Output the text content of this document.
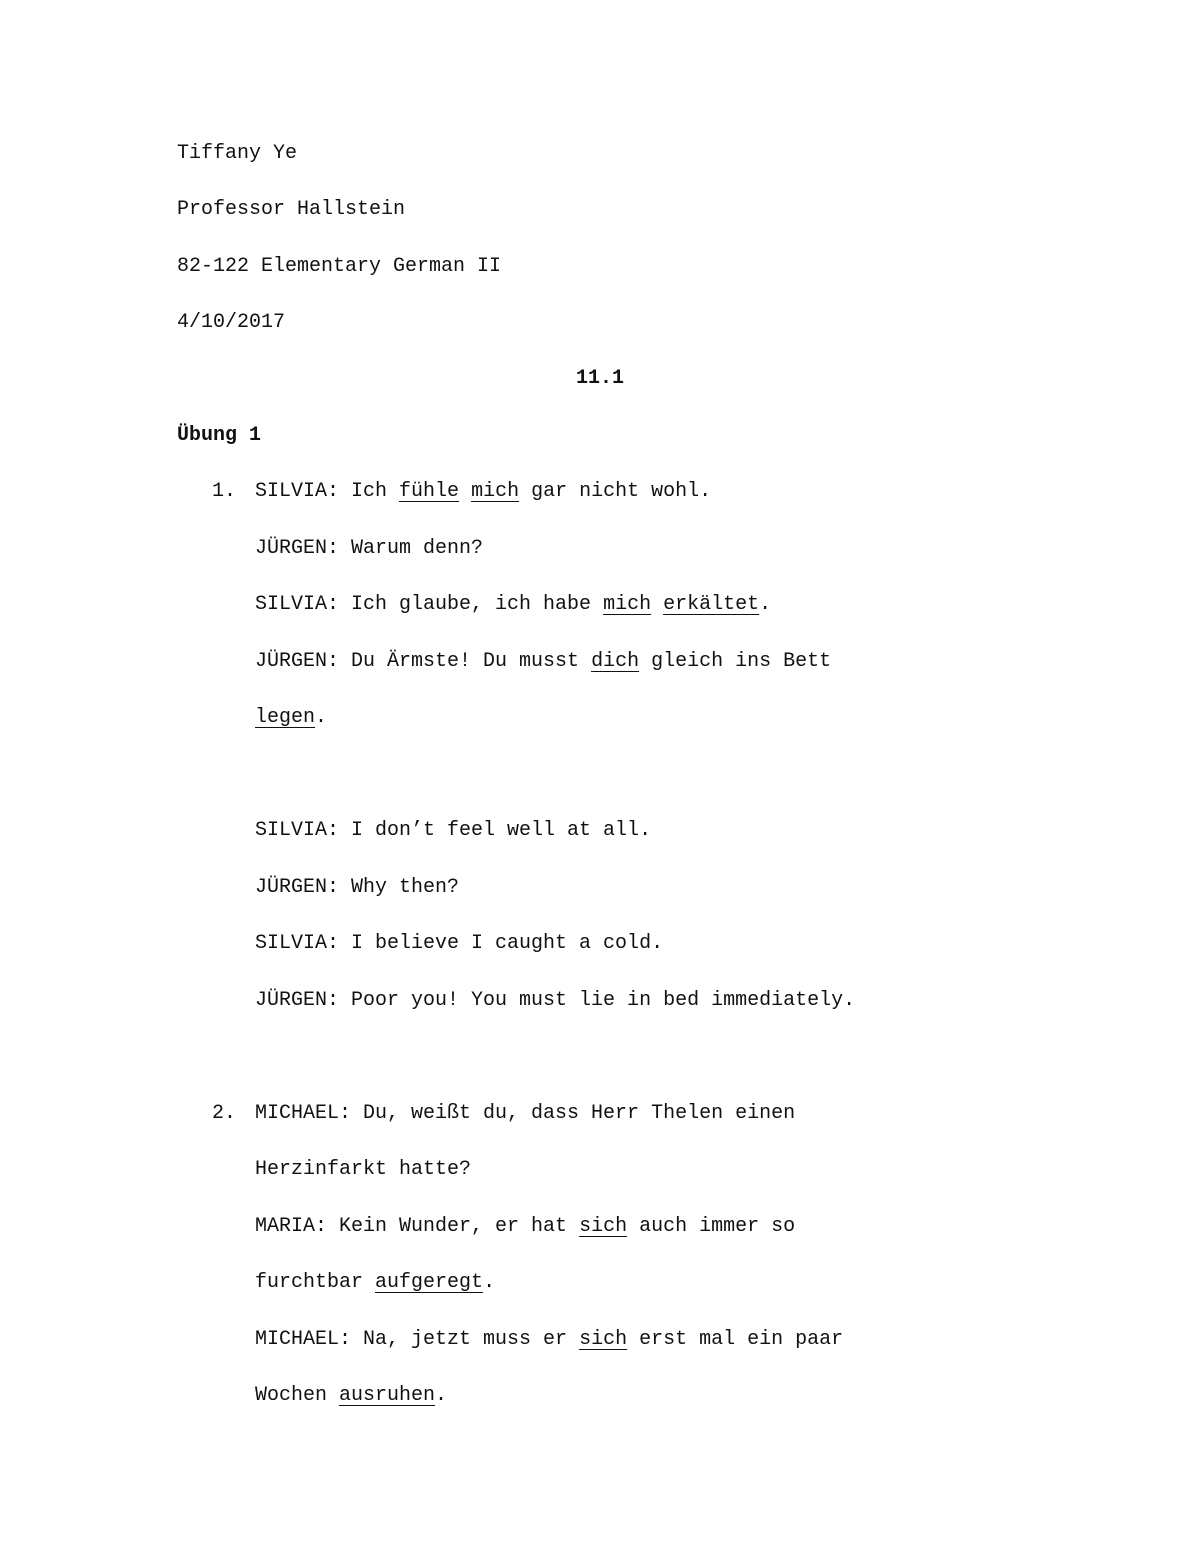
Tiffany Ye
Professor Hallstein
82-122 Elementary German II
4/10/2017
11.1
Übung 1
1. SILVIA: Ich fühle mich gar nicht wohl.
JÜRGEN: Warum denn?
SILVIA: Ich glaube, ich habe mich erkältet.
JÜRGEN: Du Ärmste! Du musst dich gleich ins Bett
legen.
SILVIA: I don’t feel well at all.
JÜRGEN: Why then?
SILVIA: I believe I caught a cold.
JÜRGEN: Poor you! You must lie in bed immediately.
2. MICHAEL: Du, weißt du, dass Herr Thelen einen
Herzinfarkt hatte?
MARIA: Kein Wunder, er hat sich auch immer so
furchtbar aufgeregt.
MICHAEL: Na, jetzt muss er sich erst mal ein paar
Wochen ausruhen.
